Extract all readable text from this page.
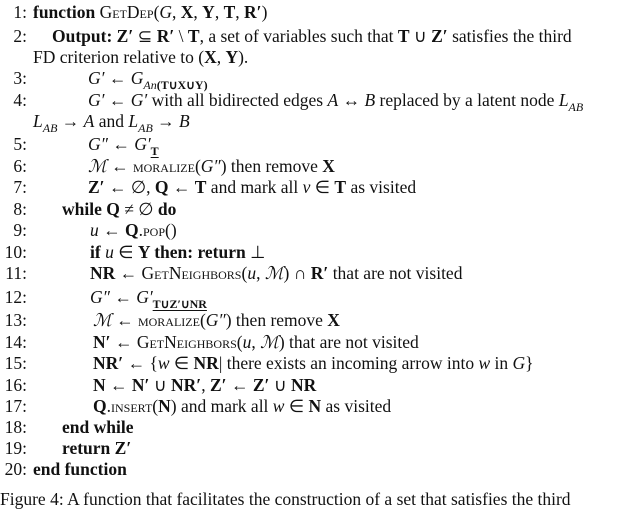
1: function GetDep(G, X, Y, T, R′)
2: Output: Z′ ⊆ R′ \ T, a set of variables such that T ∪ Z′ satisfies the third
FD criterion relative to (X, Y).
3:	G′ ← $G_{An(T\cup X\cup Y)}$
4:	G′ ← G′ with all bidirected edges A ↔ B replaced by a latent node $L_{AB}$
$L_{AB} \to A$ and $L_{AB} \to B$
5:	G″ ← $G'_T$
6:	ℳ ← moralize(G″) then remove X
7:	Z′ ← ∅, Q ← T and mark all v ∈ T as visited
8: while Q ≠ ∅ do
9:	u ← Q.pop()
10:	if u ∈ Y then: return ⊥
11:	NR ← GetNeighbors(u, ℳ) ∩ R′ that are not visited
12:	G″ ← $G'_{T\cup Z'\cup NR}$
13:	ℳ ← moralize(G″) then remove X
14:	N′ ← GetNeighbors(u, ℳ) that are not visited
15:	NR′ ← {w ∈ NR| there exists an incoming arrow into w in G}
16:	N ← N′ ∪ NR′, Z′ ← Z′ ∪ NR
17:	Q.insert(N) and mark all w ∈ N as visited
18: end while
19: return Z′
20: end function
Figure 4: A function that facilitates the construction of a set that satisfies the third
